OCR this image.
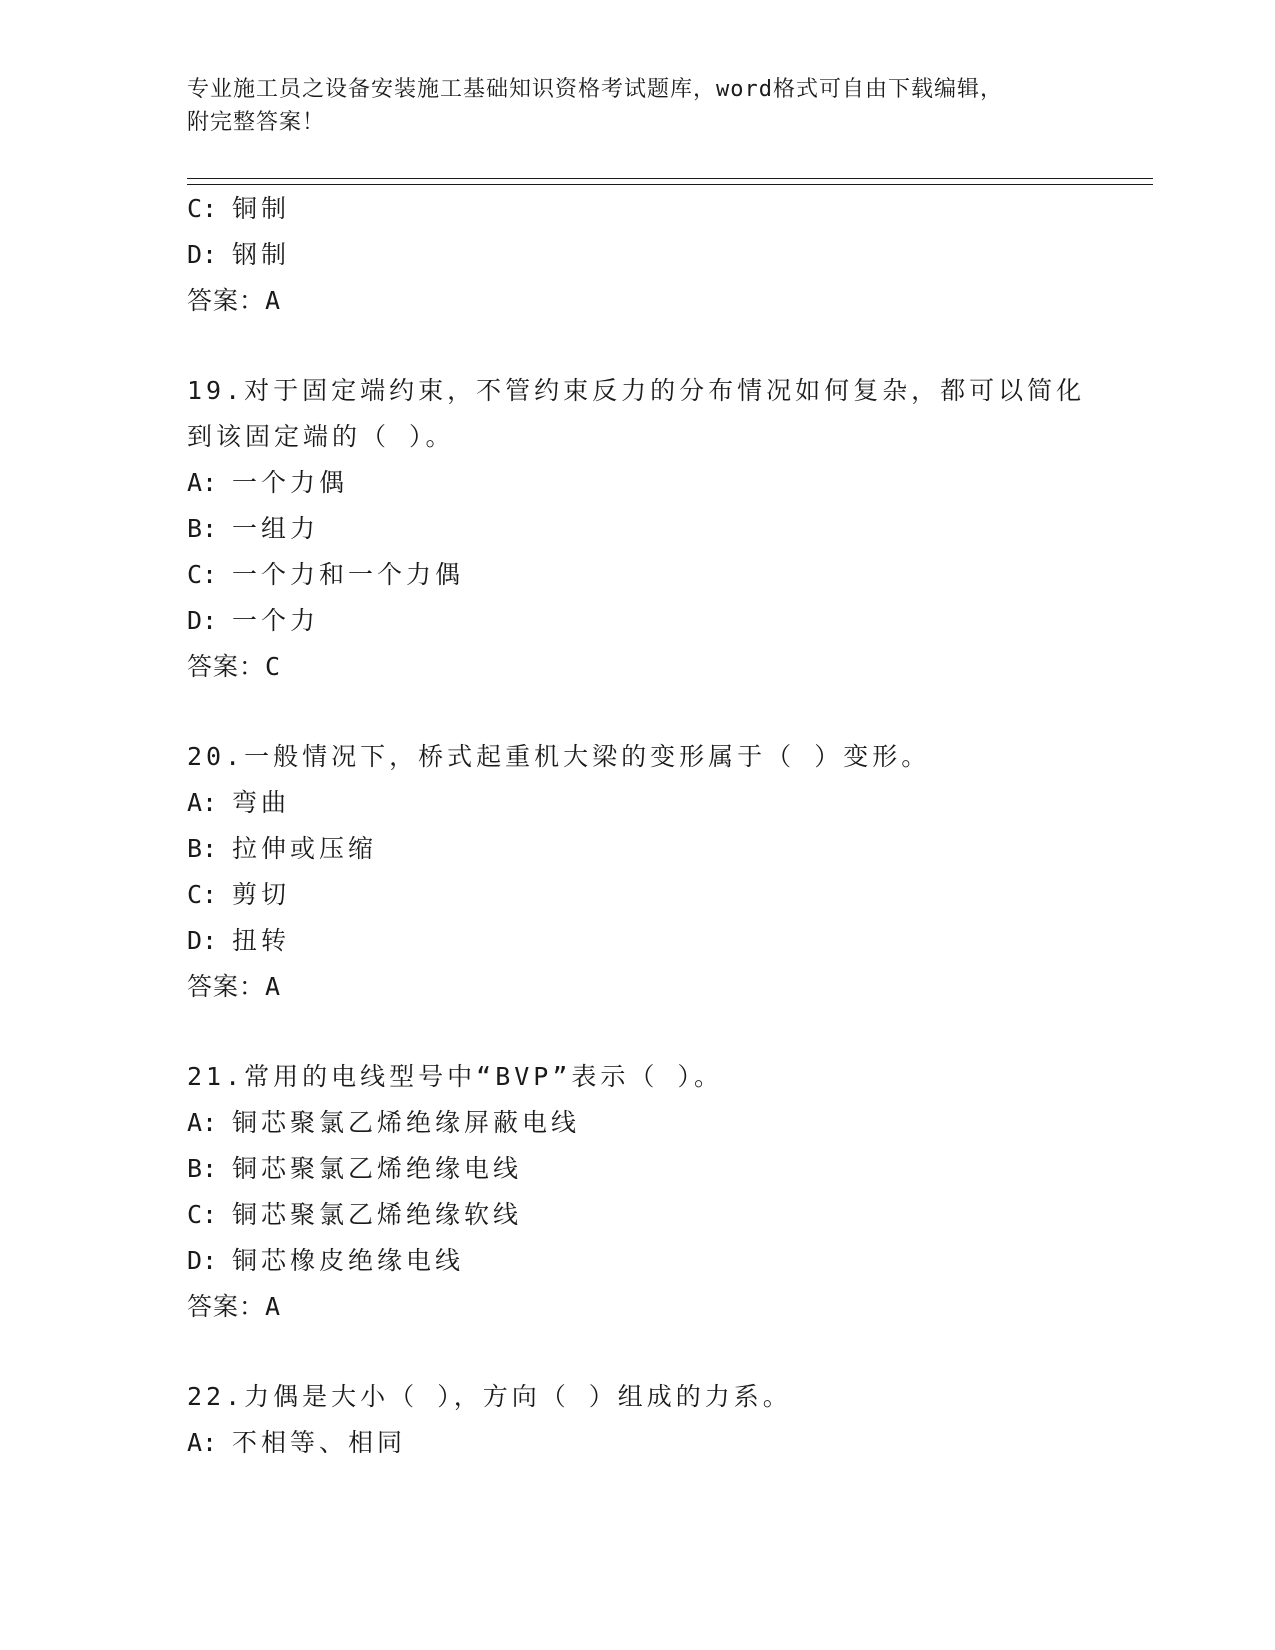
专业施工员之设备安装施工基础知识资格考试题库，word格式可自由下载编辑，
附完整答案！
C: 铜制
D: 钢制
答案：A
19.对于固定端约束，不管约束反力的分布情况如何复杂，都可以简化
到该固定端的（ ）。
A: 一个力偶
B: 一组力
C: 一个力和一个力偶
D: 一个力
答案：C
20.一般情况下，桥式起重机大梁的变形属于（ ）变形。
A: 弯曲
B: 拉伸或压缩
C: 剪切
D: 扭转
答案：A
21.常用的电线型号中“BVP”表示（ ）。
A: 铜芯聚氯乙烯绝缘屏蔽电线
B: 铜芯聚氯乙烯绝缘电线
C: 铜芯聚氯乙烯绝缘软线
D: 铜芯橡皮绝缘电线
答案：A
22.力偶是大小（ ），方向（ ）组成的力系。
A: 不相等、相同
